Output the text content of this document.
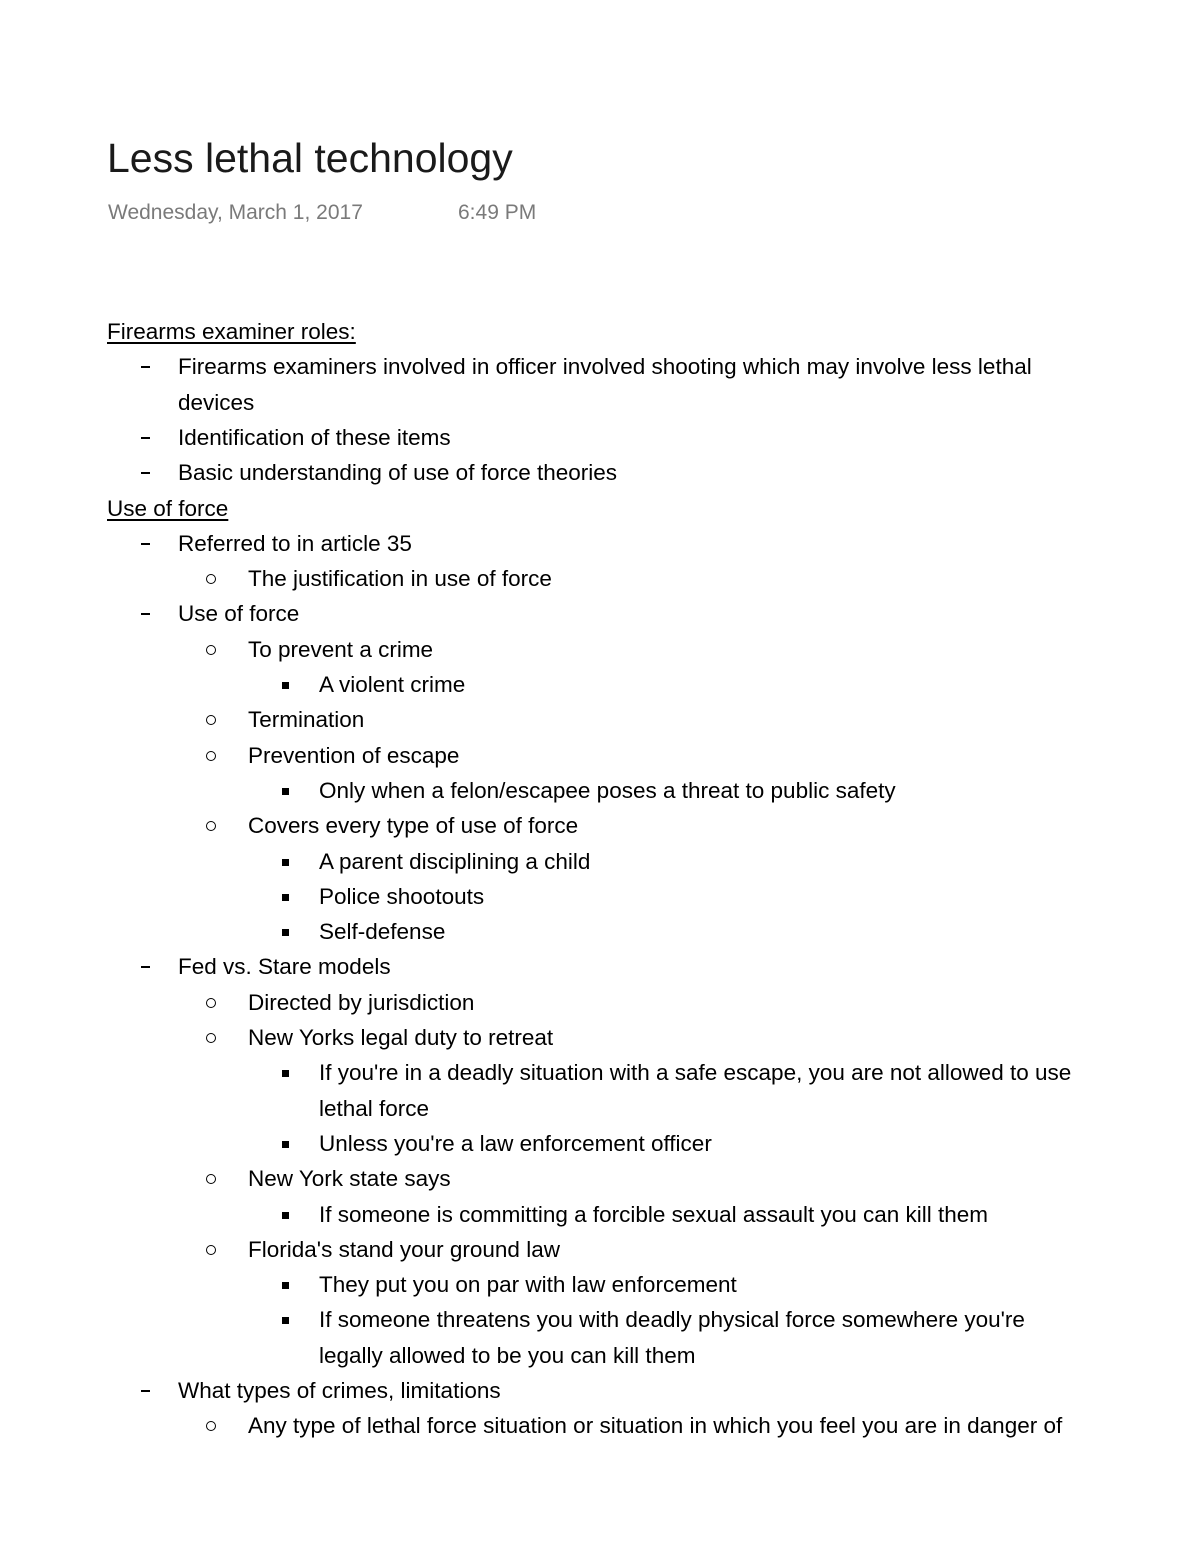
Less lethal technology
Wednesday, March 1, 2017	6:49 PM
Firearms examiner roles:
Firearms examiners involved in officer involved shooting which may involve less lethal
devices
Identification of these items
Basic understanding of use of force theories
Use of force
Referred to in article 35
The justification in use of force
Use of force
To prevent a crime
A violent crime
Termination
Prevention of escape
Only when a felon/escapee poses a threat to public safety
Covers every type of use of force
A parent disciplining a child
Police shootouts
Self-defense
Fed vs. Stare models
Directed by jurisdiction
New Yorks legal duty to retreat
If you're in a deadly situation with a safe escape, you are not allowed to use
lethal force
Unless you're a law enforcement officer
New York state says
If someone is committing a forcible sexual assault you can kill them
Florida's stand your ground law
They put you on par with law enforcement
If someone threatens you with deadly physical force somewhere you're
legally allowed to be you can kill them
What types of crimes, limitations
Any type of lethal force situation or situation in which you feel you are in danger of
